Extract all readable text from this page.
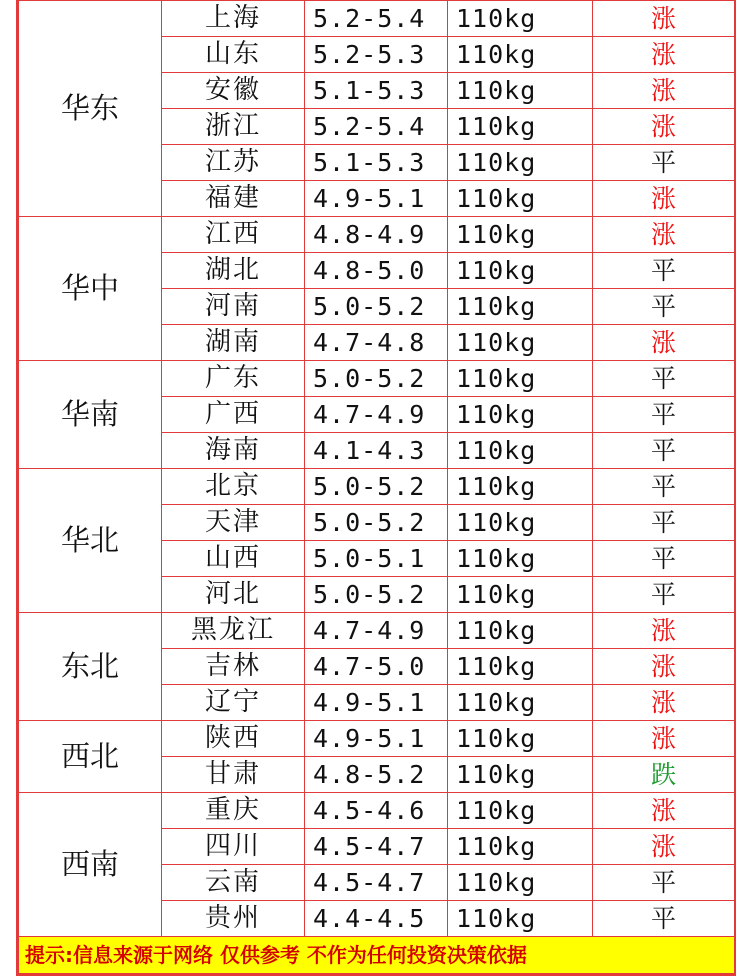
华东	上海	5.2-5.4	110kg	涨
	山东	5.2-5.3	110kg	涨
	安徽	5.1-5.3	110kg	涨
	浙江	5.2-5.4	110kg	涨
	江苏	5.1-5.3	110kg	平
	福建	4.9-5.1	110kg	涨
华中	江西	4.8-4.9	110kg	涨
	湖北	4.8-5.0	110kg	平
	河南	5.0-5.2	110kg	平
	湖南	4.7-4.8	110kg	涨
华南	广东	5.0-5.2	110kg	平
	广西	4.7-4.9	110kg	平
	海南	4.1-4.3	110kg	平
华北	北京	5.0-5.2	110kg	平
	天津	5.0-5.2	110kg	平
	山西	5.0-5.1	110kg	平
	河北	5.0-5.2	110kg	平
东北	黑龙江	4.7-4.9	110kg	涨
	吉林	4.7-5.0	110kg	涨
	辽宁	4.9-5.1	110kg	涨
西北	陕西	4.9-5.1	110kg	涨
	甘肃	4.8-5.2	110kg	跌
西南	重庆	4.5-4.6	110kg	涨
	四川	4.5-4.7	110kg	涨
	云南	4.5-4.7	110kg	平
	贵州	4.4-4.5	110kg	平
提示:信息来源于网络 仅供参考 不作为任何投资决策依据				
